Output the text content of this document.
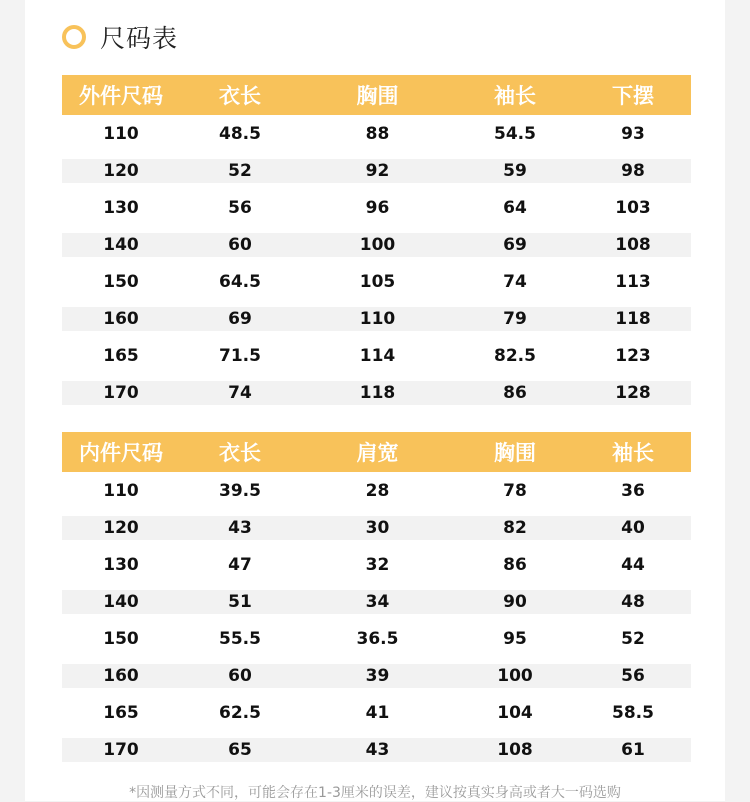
尺码表
外件尺码	衣长	胸围	袖长	下摆
110	48.5	88	54.5	93
120	52	92	59	98
130	56	96	64	103
140	60	100	69	108
150	64.5	105	74	113
160	69	110	79	118
165	71.5	114	82.5	123
170	74	118	86	128
内件尺码	衣长	肩宽	胸围	袖长
110	39.5	28	78	36
120	43	30	82	40
130	47	32	86	44
140	51	34	90	48
150	55.5	36.5	95	52
160	60	39	100	56
165	62.5	41	104	58.5
170	65	43	108	61
*因测量方式不同，可能会存在1-3厘米的误差，建议按真实身高或者大一码选购
